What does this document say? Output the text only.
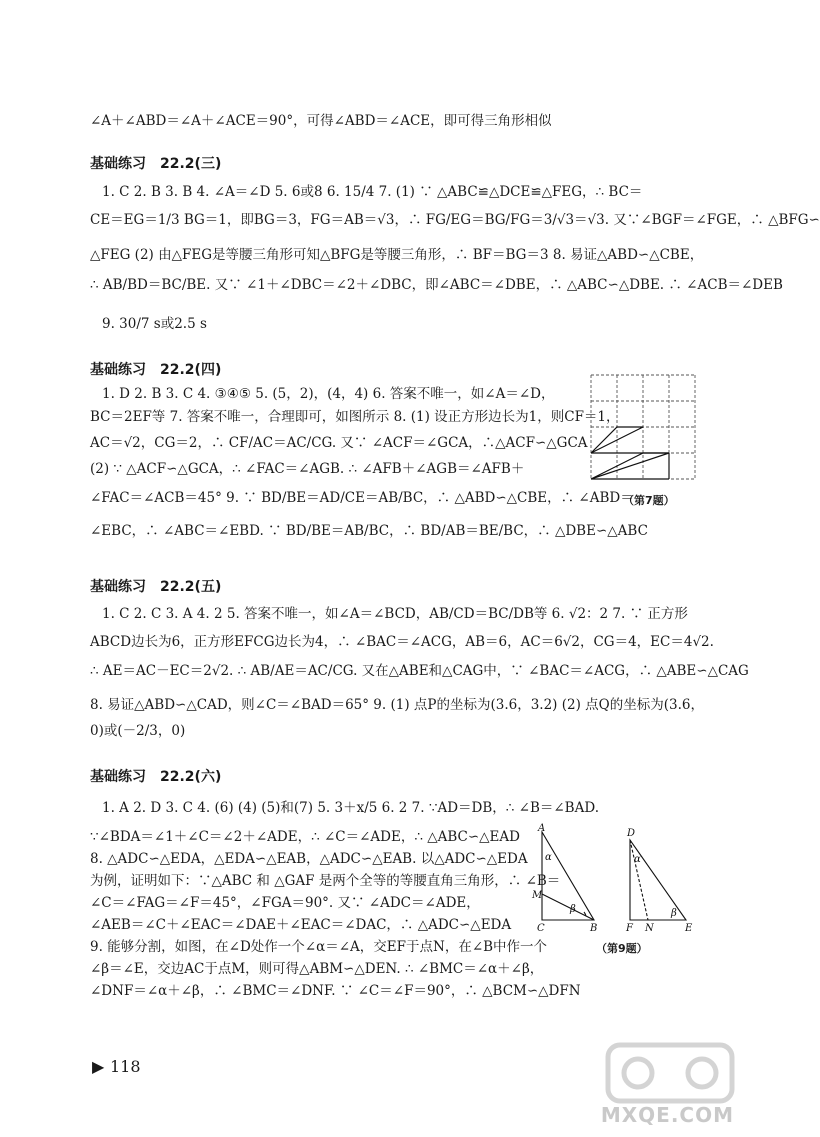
∠A＋∠ABD＝∠A＋∠ACE＝90°，可得∠ABD＝∠ACE，即可得三角形相似
基础练习 22.2(三)
1. C 2. B 3. B 4. ∠A＝∠D 5. 6或8 6. 15/4 7. (1) ∵ △ABC≌△DCE≌△FEG，∴ BC＝
CE＝EG＝1/3 BG＝1，即BG＝3，FG＝AB＝√3，∴ FG/EG＝BG/FG＝3/√3＝√3. 又∵∠BGF＝∠FGE，∴ △BFG∽
△FEG (2) 由△FEG是等腰三角形可知△BFG是等腰三角形，∴ BF＝BG＝3 8. 易证△ABD∽△CBE，
∴ AB/BD＝BC/BE. 又∵ ∠1＋∠DBC＝∠2＋∠DBC，即∠ABC＝∠DBE，∴ △ABC∽△DBE. ∴ ∠ACB＝∠DEB
9. 30/7 s或2.5 s
基础练习 22.2(四)
1. D 2. B 3. C 4. ③④⑤ 5. (5，2)，(4，4) 6. 答案不唯一，如∠A＝∠D，
BC＝2EF等 7. 答案不唯一，合理即可，如图所示 8. (1) 设正方形边长为1，则CF＝1，
AC＝√2，CG＝2，∴ CF/AC＝AC/CG. 又∵ ∠ACF＝∠GCA，∴△ACF∽△GCA
(2) ∵ △ACF∽△GCA，∴ ∠FAC＝∠AGB. ∴ ∠AFB＋∠AGB＝∠AFB＋
∠FAC＝∠ACB＝45° 9. ∵ BD/BE＝AD/CE＝AB/BC，∴ △ABD∽△CBE，∴ ∠ABD＝
∠EBC，∴ ∠ABC＝∠EBD. ∵ BD/BE＝AB/BC，∴ BD/AB＝BE/BC，∴ △DBE∽△ABC
（第7题）
基础练习 22.2(五)
1. C 2. C 3. A 4. 2 5. 答案不唯一，如∠A＝∠BCD，AB/CD＝BC/DB等 6. √2：2 7. ∵ 正方形
ABCD边长为6，正方形EFCG边长为4，∴ ∠BAC＝∠ACG，AB＝6，AC＝6√2，CG＝4，EC＝4√2.
∴ AE＝AC－EC＝2√2. ∴ AB/AE＝AC/CG. 又在△ABE和△CAG中，∵ ∠BAC＝∠ACG，∴ △ABE∽△CAG
8. 易证△ABD∽△CAD，则∠C＝∠BAD＝65° 9. (1) 点P的坐标为(3.6，3.2) (2) 点Q的坐标为(3.6，
0)或(－2/3，0)
基础练习 22.2(六)
1. A 2. D 3. C 4. (6) (4) (5)和(7) 5. 3＋x/5 6. 2 7. ∵AD＝DB，∴ ∠B＝∠BAD.
∵∠BDA＝∠1＋∠C＝∠2＋∠ADE，∴ ∠C＝∠ADE，∴ △ABC∽△EAD
8. △ADC∽△EDA，△EDA∽△EAB，△ADC∽△EAB. 以△ADC∽△EDA
为例，证明如下：∵△ABC 和 △GAF 是两个全等的等腰直角三角形，∴ ∠B＝
∠C＝∠FAG＝∠F＝45°，∠FGA＝90°. 又∵ ∠ADC＝∠ADE，
∠AEB＝∠C＋∠EAC＝∠DAE＋∠EAC＝∠DAC，∴ △ADC∽△EDA
9. 能够分割，如图，在∠D处作一个∠α＝∠A，交EF于点N，在∠B中作一个
∠β＝∠E，交边AC于点M，则可得△ABM∽△DEN. ∴ ∠BMC＝∠α＋∠β，
∠DNF＝∠α＋∠β，∴ ∠BMC＝∠DNF. ∵ ∠C＝∠F＝90°，∴ △BCM∽△DFN
A
α
β
M
C	B
D
α
β
F N	E
（第9题）
▶ 118
MXQE.COM
